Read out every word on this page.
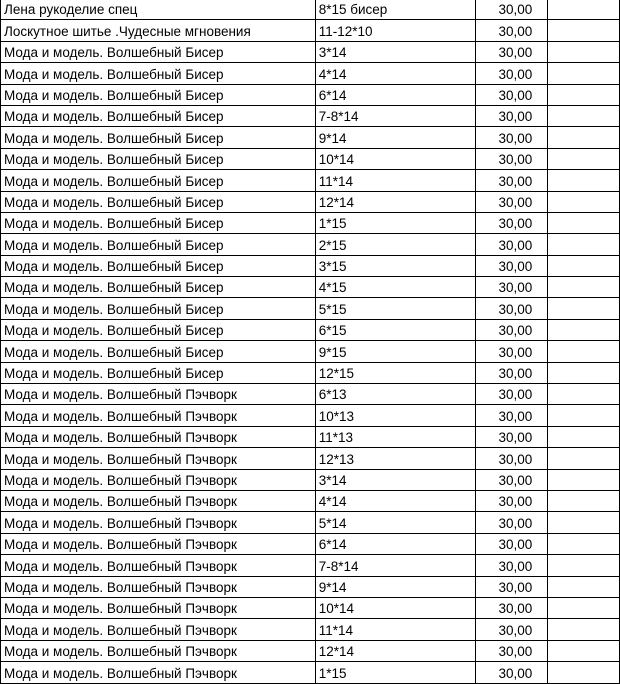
Лена рукоделие спец	8*15 бисер	30,00	
Лоскутное шитье .Чудесные мгновения	11-12*10	30,00	
Мода и модель. Волшебный Бисер	3*14	30,00	
Мода и модель. Волшебный Бисер	4*14	30,00	
Мода и модель. Волшебный Бисер	6*14	30,00	
Мода и модель. Волшебный Бисер	7-8*14	30,00	
Мода и модель. Волшебный Бисер	9*14	30,00	
Мода и модель. Волшебный Бисер	10*14	30,00	
Мода и модель. Волшебный Бисер	11*14	30,00	
Мода и модель. Волшебный Бисер	12*14	30,00	
Мода и модель. Волшебный Бисер	1*15	30,00	
Мода и модель. Волшебный Бисер	2*15	30,00	
Мода и модель. Волшебный Бисер	3*15	30,00	
Мода и модель. Волшебный Бисер	4*15	30,00	
Мода и модель. Волшебный Бисер	5*15	30,00	
Мода и модель. Волшебный Бисер	6*15	30,00	
Мода и модель. Волшебный Бисер	9*15	30,00	
Мода и модель. Волшебный Бисер	12*15	30,00	
Мода и модель. Волшебный Пэчворк	6*13	30,00	
Мода и модель. Волшебный Пэчворк	10*13	30,00	
Мода и модель. Волшебный Пэчворк	11*13	30,00	
Мода и модель. Волшебный Пэчворк	12*13	30,00	
Мода и модель. Волшебный Пэчворк	3*14	30,00	
Мода и модель. Волшебный Пэчворк	4*14	30,00	
Мода и модель. Волшебный Пэчворк	5*14	30,00	
Мода и модель. Волшебный Пэчворк	6*14	30,00	
Мода и модель. Волшебный Пэчворк	7-8*14	30,00	
Мода и модель. Волшебный Пэчворк	9*14	30,00	
Мода и модель. Волшебный Пэчворк	10*14	30,00	
Мода и модель. Волшебный Пэчворк	11*14	30,00	
Мода и модель. Волшебный Пэчворк	12*14	30,00	
Мода и модель. Волшебный Пэчворк	1*15	30,00	
